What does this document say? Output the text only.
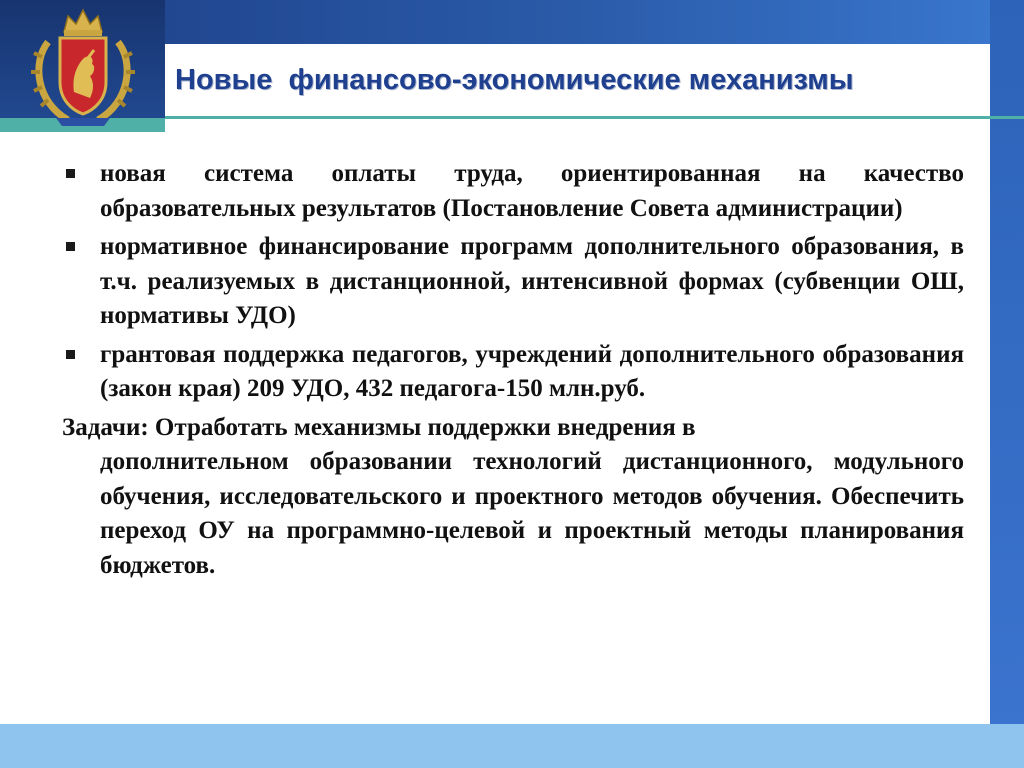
Новые  финансово-экономические механизмы
новая система оплаты труда, ориентированная на качество образовательных результатов (Постановление Совета администрации)
нормативное финансирование программ дополнительного образования, в т.ч. реализуемых в дистанционной, интенсивной формах (субвенции ОШ, нормативы УДО)
грантовая поддержка педагогов, учреждений дополнительного образования (закон края) 209 УДО, 432 педагога-150 млн.руб.
Задачи: Отработать механизмы поддержки внедрения в
дополнительном образовании технологий дистанционного, модульного обучения, исследовательского и проектного методов обучения. Обеспечить переход ОУ на программно-целевой и проектный методы планирования бюджетов.
